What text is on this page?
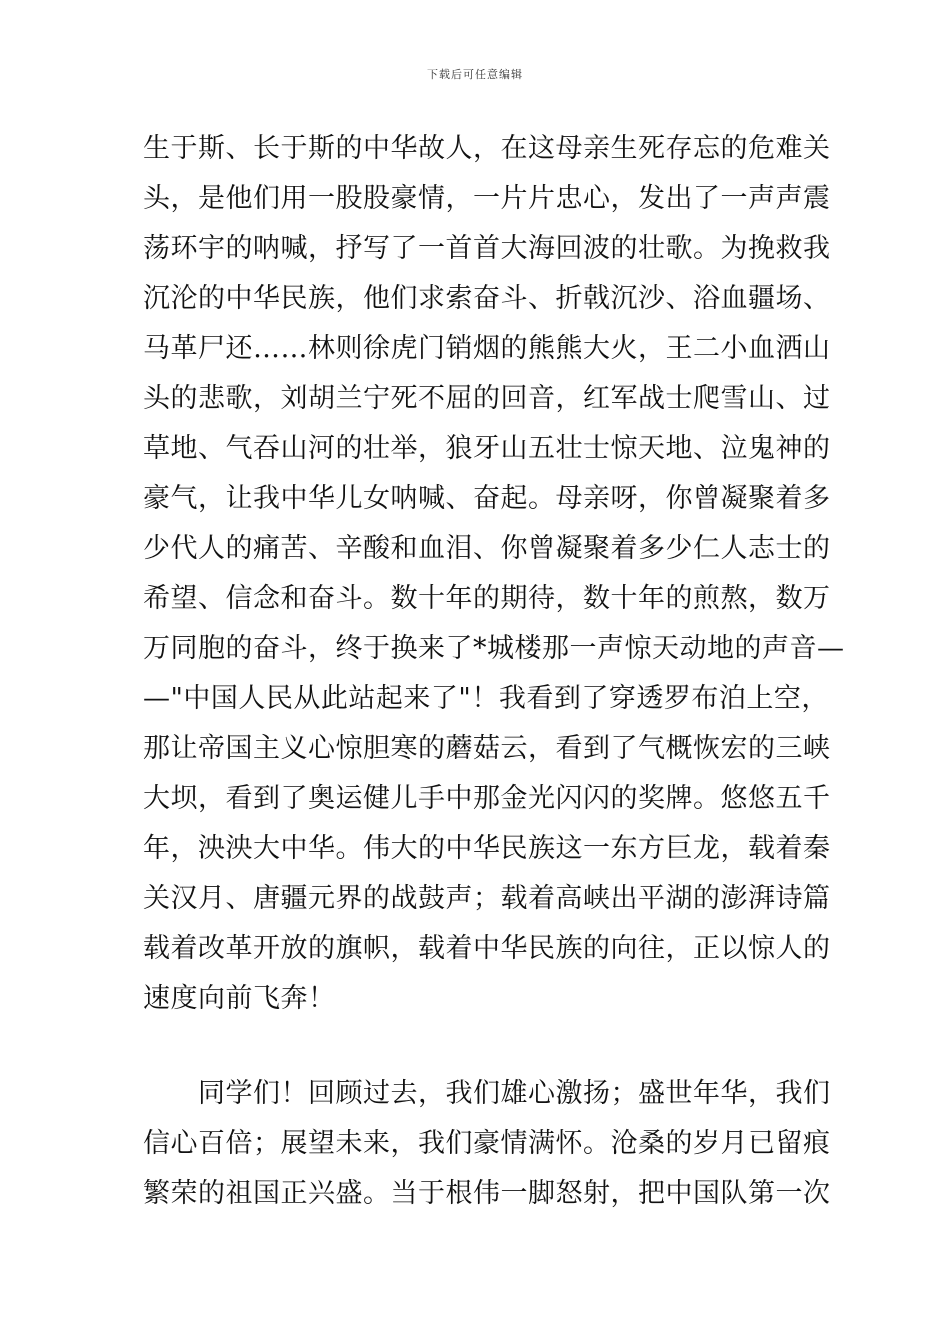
下载后可任意编辑
生于斯、长于斯的中华故人，在这母亲生死存忘的危难关
头，是他们用一股股豪情，一片片忠心，发出了一声声震
荡环宇的呐喊，抒写了一首首大海回波的壮歌。为挽救我
沉沦的中华民族，他们求索奋斗、折戟沉沙、浴血疆场、
马革尸还……林则徐虎门销烟的熊熊大火，王二小血洒山
头的悲歌，刘胡兰宁死不屈的回音，红军战士爬雪山、过
草地、气吞山河的壮举，狼牙山五壮士惊天地、泣鬼神的
豪气，让我中华儿女呐喊、奋起。母亲呀，你曾凝聚着多
少代人的痛苦、辛酸和血泪、你曾凝聚着多少仁人志士的
希望、信念和奋斗。数十年的期待，数十年的煎熬，数万
万同胞的奋斗，终于换来了*城楼那一声惊天动地的声音—
—"中国人民从此站起来了"！我看到了穿透罗布泊上空，
那让帝国主义心惊胆寒的蘑菇云，看到了气概恢宏的三峡
大坝，看到了奥运健儿手中那金光闪闪的奖牌。悠悠五千
年，泱泱大中华。伟大的中华民族这一东方巨龙，载着秦
关汉月、唐疆元界的战鼓声；载着高峡出平湖的澎湃诗篇
载着改革开放的旗帜，载着中华民族的向往，正以惊人的
速度向前飞奔！
同学们！回顾过去，我们雄心激扬；盛世年华，我们
信心百倍；展望未来，我们豪情满怀。沧桑的岁月已留痕
繁荣的祖国正兴盛。当于根伟一脚怒射，把中国队第一次
